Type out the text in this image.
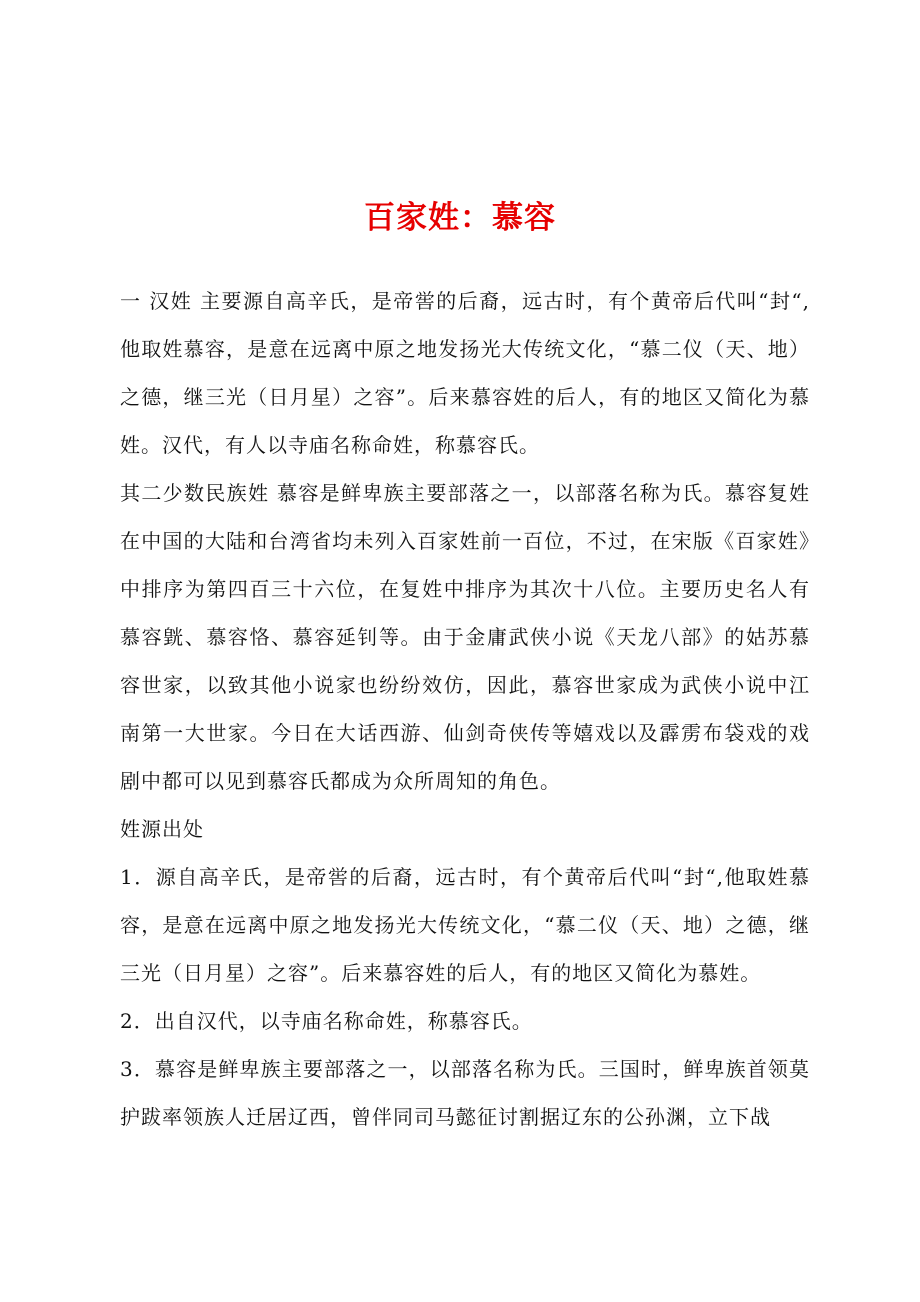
百家姓：慕容

一 汉姓 主要源自高辛氏，是帝喾的后裔，远古时，有个黄帝后代叫“封“,他取姓慕容，是意在远离中原之地发扬光大传统文化，“慕二仪（天、地）之德，继三光（日月星）之容”。后来慕容姓的后人，有的地区又简化为慕姓。汉代，有人以寺庙名称命姓，称慕容氏。

其二少数民族姓 慕容是鲜卑族主要部落之一，以部落名称为氏。慕容复姓在中国的大陆和台湾省均未列入百家姓前一百位，不过，在宋版《百家姓》中排序为第四百三十六位，在复姓中排序为其次十八位。主要历史名人有慕容皝、慕容恪、慕容延钊等。由于金庸武侠小说《天龙八部》的姑苏慕容世家，以致其他小说家也纷纷效仿，因此，慕容世家成为武侠小说中江南第一大世家。今日在大话西游、仙剑奇侠传等嬉戏以及霹雳布袋戏的戏剧中都可以见到慕容氏都成为众所周知的角色。

姓源出处

1．源自高辛氏，是帝喾的后裔，远古时，有个黄帝后代叫“封“,他取姓慕容，是意在远离中原之地发扬光大传统文化，“慕二仪（天、地）之德，继三光（日月星）之容”。后来慕容姓的后人，有的地区又简化为慕姓。

2．出自汉代，以寺庙名称命姓，称慕容氏。

3．慕容是鲜卑族主要部落之一，以部落名称为氏。三国时，鲜卑族首领莫护跋率领族人迁居辽西，曾伴同司马懿征讨割据辽东的公孙渊，立下战
